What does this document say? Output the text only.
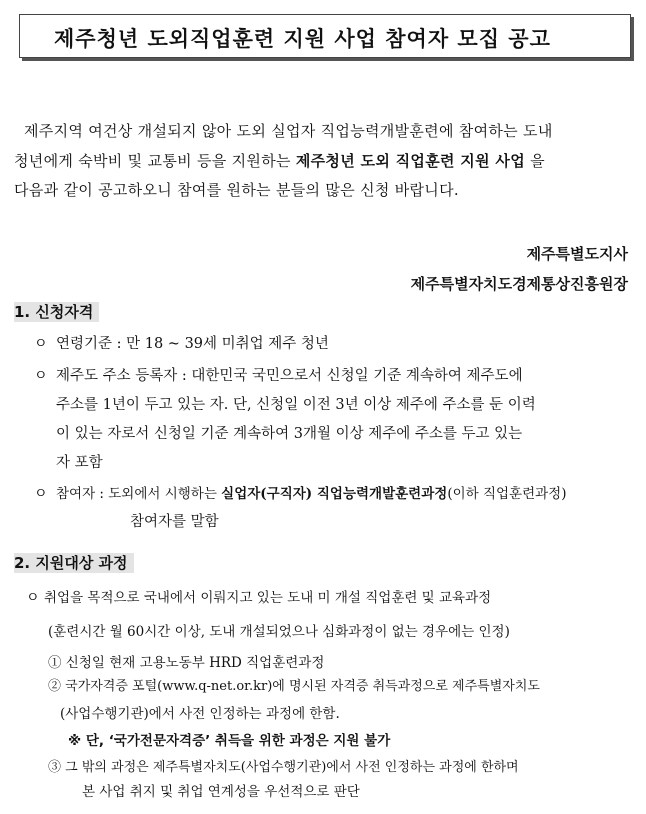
제주청년 도외직업훈련 지원 사업 참여자 모집 공고
제주지역 여건상 개설되지 않아 도외 실업자 직업능력개발훈련에 참여하는 도내
청년에게 숙박비 및 교통비 등을 지원하는 제주청년 도외 직업훈련 지원 사업 을
다음과 같이 공고하오니 참여를 원하는 분들의 많은 신청 바랍니다.
제주특별도지사
제주특별자치도경제통상진흥원장
1. 신청자격
ㅇ 연령기준 : 만 18 ~ 39세 미취업 제주 청년
ㅇ 제주도 주소 등록자 : 대한민국 국민으로서 신청일 기준 계속하여 제주도에
주소를 1년이 두고 있는 자. 단, 신청일 이전 3년 이상 제주에 주소를 둔 이력
이 있는 자로서 신청일 기준 계속하여 3개월 이상 제주에 주소를 두고 있는
자 포함
ㅇ 참여자 : 도외에서 시행하는 실업자(구직자) 직업능력개발훈련과정(이하 직업훈련과정)
참여자를 말함
2. 지원대상 과정
ㅇ 취업을 목적으로 국내에서 이뤄지고 있는 도내 미 개설 직업훈련 및 교육과정
(훈련시간 월 60시간 이상, 도내 개설되었으나 심화과정이 없는 경우에는 인정)
① 신청일 현재 고용노동부 HRD 직업훈련과정
② 국가자격증 포털(www.q-net.or.kr)에 명시된 자격증 취득과정으로 제주특별자치도
(사업수행기관)에서 사전 인정하는 과정에 한함.
※ 단, ‘국가전문자격증’ 취득을 위한 과정은 지원 불가
③ 그 밖의 과정은 제주특별자치도(사업수행기관)에서 사전 인정하는 과정에 한하며
본 사업 취지 및 취업 연계성을 우선적으로 판단
